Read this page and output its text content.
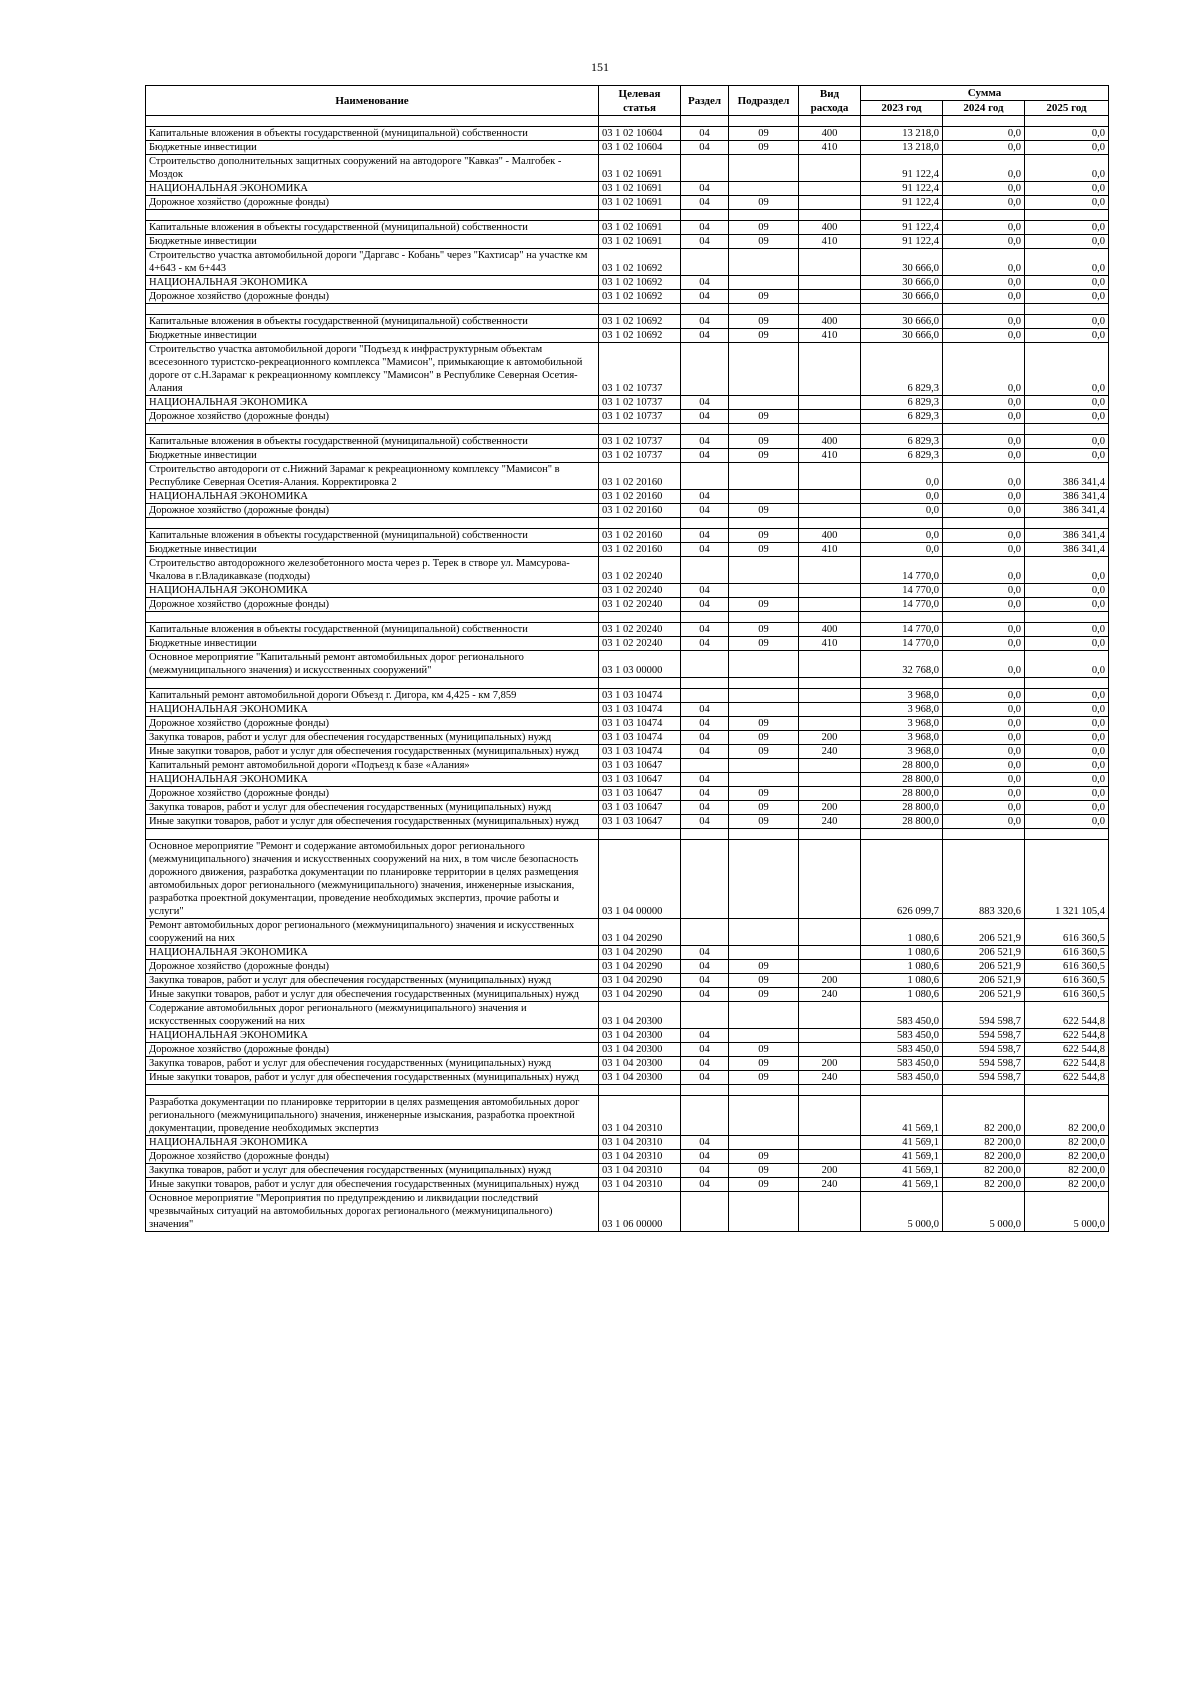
151
Наименование	Целевая статья	Раздел	Подраздел	Вид расхода	Сумма		
					2023 год	2024 год	2025 год

Капитальные вложения в объекты государственной (муниципальной) собственности	03 1 02 10604	04	09	400	13 218,0	0,0	0,0
Бюджетные инвестиции	03 1 02 10604	04	09	410	13 218,0	0,0	0,0
Строительство дополнительных защитных сооружений на автодороге "Кавказ" - Малгобек - Моздок	03 1 02 10691				91 122,4	0,0	0,0
НАЦИОНАЛЬНАЯ ЭКОНОМИКА	03 1 02 10691	04			91 122,4	0,0	0,0
Дорожное хозяйство (дорожные фонды)	03 1 02 10691	04	09		91 122,4	0,0	0,0

Капитальные вложения в объекты государственной (муниципальной) собственности	03 1 02 10691	04	09	400	91 122,4	0,0	0,0
Бюджетные инвестиции	03 1 02 10691	04	09	410	91 122,4	0,0	0,0
Строительство участка автомобильной дороги "Даргавс - Кобань" через "Кахтисар" на участке км 4+643 - км 6+443	03 1 02 10692				30 666,0	0,0	0,0
НАЦИОНАЛЬНАЯ ЭКОНОМИКА	03 1 02 10692	04			30 666,0	0,0	0,0
Дорожное хозяйство (дорожные фонды)	03 1 02 10692	04	09		30 666,0	0,0	0,0

Капитальные вложения в объекты государственной (муниципальной) собственности	03 1 02 10692	04	09	400	30 666,0	0,0	0,0
Бюджетные инвестиции	03 1 02 10692	04	09	410	30 666,0	0,0	0,0
Строительство участка автомобильной дороги "Подъезд к инфраструктурным объектам всесезонного туристско-рекреационного комплекса "Мамисон", примыкающие к автомобильной дороге от с.Н.Зарамаг к рекреационному комплексу "Мамисон" в Республике Северная Осетия-Алания	03 1 02 10737				6 829,3	0,0	0,0
НАЦИОНАЛЬНАЯ ЭКОНОМИКА	03 1 02 10737	04			6 829,3	0,0	0,0
Дорожное хозяйство (дорожные фонды)	03 1 02 10737	04	09		6 829,3	0,0	0,0

Капитальные вложения в объекты государственной (муниципальной) собственности	03 1 02 10737	04	09	400	6 829,3	0,0	0,0
Бюджетные инвестиции	03 1 02 10737	04	09	410	6 829,3	0,0	0,0
Строительство автодороги от с.Нижний Зарамаг к рекреационному комплексу "Мамисон" в Республике Северная Осетия-Алания. Корректировка 2	03 1 02 20160				0,0	0,0	386 341,4
НАЦИОНАЛЬНАЯ ЭКОНОМИКА	03 1 02 20160	04			0,0	0,0	386 341,4
Дорожное хозяйство (дорожные фонды)	03 1 02 20160	04	09		0,0	0,0	386 341,4

Капитальные вложения в объекты государственной (муниципальной) собственности	03 1 02 20160	04	09	400	0,0	0,0	386 341,4
Бюджетные инвестиции	03 1 02 20160	04	09	410	0,0	0,0	386 341,4
Строительство автодорожного железобетонного моста через р. Терек в створе ул. Мамсурова-Чкалова в г.Владикавказе (подходы)	03 1 02 20240				14 770,0	0,0	0,0
НАЦИОНАЛЬНАЯ ЭКОНОМИКА	03 1 02 20240	04			14 770,0	0,0	0,0
Дорожное хозяйство (дорожные фонды)	03 1 02 20240	04	09		14 770,0	0,0	0,0

Капитальные вложения в объекты государственной (муниципальной) собственности	03 1 02 20240	04	09	400	14 770,0	0,0	0,0
Бюджетные инвестиции	03 1 02 20240	04	09	410	14 770,0	0,0	0,0
Основное мероприятие "Капитальный ремонт автомобильных дорог регионального (межмуниципального значения) и искусственных сооружений"	03 1 03 00000				32 768,0	0,0	0,0

Капитальный ремонт автомобильной дороги Объезд г. Дигора, км 4,425 - км 7,859	03 1 03 10474				3 968,0	0,0	0,0
НАЦИОНАЛЬНАЯ ЭКОНОМИКА	03 1 03 10474	04			3 968,0	0,0	0,0
Дорожное хозяйство (дорожные фонды)	03 1 03 10474	04	09		3 968,0	0,0	0,0
Закупка товаров, работ и услуг для обеспечения государственных (муниципальных) нужд	03 1 03 10474	04	09	200	3 968,0	0,0	0,0
Иные закупки товаров, работ и услуг для обеспечения государственных (муниципальных) нужд	03 1 03 10474	04	09	240	3 968,0	0,0	0,0
Капитальный ремонт автомобильной дороги «Подъезд к базе «Алания»	03 1 03 10647				28 800,0	0,0	0,0
НАЦИОНАЛЬНАЯ ЭКОНОМИКА	03 1 03 10647	04			28 800,0	0,0	0,0
Дорожное хозяйство (дорожные фонды)	03 1 03 10647	04	09		28 800,0	0,0	0,0
Закупка товаров, работ и услуг для обеспечения государственных (муниципальных) нужд	03 1 03 10647	04	09	200	28 800,0	0,0	0,0
Иные закупки товаров, работ и услуг для обеспечения государственных (муниципальных) нужд	03 1 03 10647	04	09	240	28 800,0	0,0	0,0

Основное мероприятие "Ремонт и содержание автомобильных дорог регионального (межмуниципального) значения и искусственных сооружений на них, в том числе безопасность дорожного движения, разработка документации по планировке территории в целях размещения автомобильных дорог регионального (межмуниципального) значения, инженерные изыскания, разработка проектной документации, проведение необходимых экспертиз, прочие работы и услуги"	03 1 04 00000				626 099,7	883 320,6	1 321 105,4
Ремонт автомобильных дорог регионального (межмуниципального) значения и искусственных сооружений на них	03 1 04 20290				1 080,6	206 521,9	616 360,5
НАЦИОНАЛЬНАЯ ЭКОНОМИКА	03 1 04 20290	04			1 080,6	206 521,9	616 360,5
Дорожное хозяйство (дорожные фонды)	03 1 04 20290	04	09		1 080,6	206 521,9	616 360,5
Закупка товаров, работ и услуг для обеспечения государственных (муниципальных) нужд	03 1 04 20290	04	09	200	1 080,6	206 521,9	616 360,5
Иные закупки товаров, работ и услуг для обеспечения государственных (муниципальных) нужд	03 1 04 20290	04	09	240	1 080,6	206 521,9	616 360,5
Содержание автомобильных дорог регионального (межмуниципального) значения и искусственных сооружений на них	03 1 04 20300				583 450,0	594 598,7	622 544,8
НАЦИОНАЛЬНАЯ ЭКОНОМИКА	03 1 04 20300	04			583 450,0	594 598,7	622 544,8
Дорожное хозяйство (дорожные фонды)	03 1 04 20300	04	09		583 450,0	594 598,7	622 544,8
Закупка товаров, работ и услуг для обеспечения государственных (муниципальных) нужд	03 1 04 20300	04	09	200	583 450,0	594 598,7	622 544,8
Иные закупки товаров, работ и услуг для обеспечения государственных (муниципальных) нужд	03 1 04 20300	04	09	240	583 450,0	594 598,7	622 544,8

Разработка документации по планировке территории в целях размещения автомобильных дорог регионального (межмуниципального) значения, инженерные изыскания, разработка проектной документации, проведение необходимых экспертиз	03 1 04 20310				41 569,1	82 200,0	82 200,0
НАЦИОНАЛЬНАЯ ЭКОНОМИКА	03 1 04 20310	04			41 569,1	82 200,0	82 200,0
Дорожное хозяйство (дорожные фонды)	03 1 04 20310	04	09		41 569,1	82 200,0	82 200,0
Закупка товаров, работ и услуг для обеспечения государственных (муниципальных) нужд	03 1 04 20310	04	09	200	41 569,1	82 200,0	82 200,0
Иные закупки товаров, работ и услуг для обеспечения государственных (муниципальных) нужд	03 1 04 20310	04	09	240	41 569,1	82 200,0	82 200,0
Основное мероприятие "Мероприятия по предупреждению и ликвидации последствий чрезвычайных ситуаций на автомобильных дорогах регионального (межмуниципального) значения"	03 1 06 00000				5 000,0	5 000,0	5 000,0
